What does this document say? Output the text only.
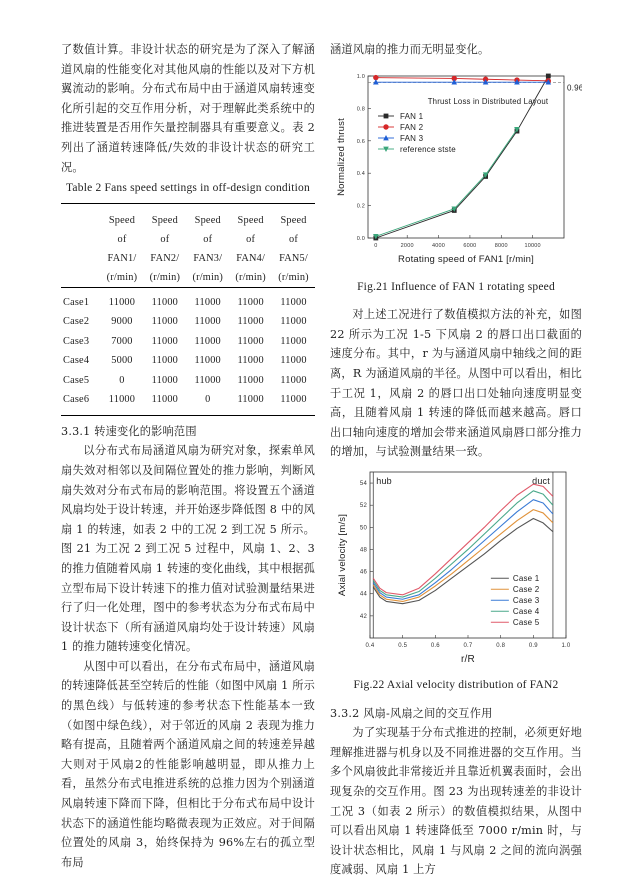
了数值计算。非设计状态的研究是为了深入了解涵道风扇的性能变化对其他风扇的性能以及对下方机翼流动的影响。分布式布局中由于涵道风扇转速变化所引起的交互作用分析，对于理解此类系统中的推进装置是否用作矢量控制器具有重要意义。表 2 列出了涵道转速降低/失效的非设计状态的研究工况。

Table 2 Fans speed settings in off-design condition
	Speed	Speed	Speed	Speed	Speed
	of	of	of	of	of
	FAN1/	FAN2/	FAN3/	FAN4/	FAN5/
	(r/min)	(r/min)	(r/min)	(r/min)	(r/min)
Case1	11000	11000	11000	11000	11000
Case2	9000	11000	11000	11000	11000
Case3	7000	11000	11000	11000	11000
Case4	5000	11000	11000	11000	11000
Case5	0	11000	11000	11000	11000
Case6	11000	11000	0	11000	11000
3.3.1 转速变化的影响范围

以分布式布局涵道风扇为研究对象，探索单风扇失效对相邻以及间隔位置处的推力影响，判断风扇失效对分布式布局的影响范围。将设置五个涵道风扇均处于设计转速，并开始逐步降低图 8 中的风扇 1 的转速，如表 2 中的工况 2 到工况 5 所示。图 21 为工况 2 到工况 5 过程中，风扇 1、2、3 的推力值随着风扇 1 转速的变化曲线，其中根据孤立型布局下设计转速下的推力值对试验测量结果进行了归一化处理，图中的参考状态为分布式布局中设计状态下（所有涵道风扇均处于设计转速）风扇 1 的推力随转速变化情况。

从图中可以看出，在分布式布局中，涵道风扇的转速降低甚至空转后的性能（如图中风扇 1 所示的黑色线）与低转速的参考状态下性能基本一致（如图中绿色线），对于邻近的风扇 2 表现为推力略有提高，且随着两个涵道风扇之间的转速差异越大则对于风扇2的性能影响越明显，即从推力上看，虽然分布式电推进系统的总推力因为个别涵道风扇转速下降而下降，但相比于分布式布局中设计状态下的涵道性能均略微表现为正效应。对于间隔位置处的风扇 3，始终保持为 96%左右的孤立型布局

涵道风扇的推力而无明显变化。

0	2000	4000	6000	8000	10000
0.0
0.2
0.4
0.6
0.8
1.0
Rotating speed of FAN1 [r/min]
Normalized thrust
0.96
Thrust Loss in Distributed Layout
FAN 1
FAN 2
FAN 3
reference stste
Fig.21 Influence of FAN 1 rotating speed

对上述工况进行了数值模拟方法的补充，如图 22 所示为工况 1-5 下风扇 2 的唇口出口截面的速度分布。其中，r 为与涵道风扇中轴线之间的距离，R 为涵道风扇的半径。从图中可以看出，相比于工况 1，风扇 2 的唇口出口处轴向速度明显变高，且随着风扇 1 转速的降低而越来越高。唇口出口轴向速度的增加会带来涵道风扇唇口部分推力的增加，与试验测量结果一致。

0.4	0.5	0.6	0.7	0.8	0.9	1.0
42
44
46
48
50
52
54
r/R
Axial velocity [m/s]
hub	duct
Case 1
Case 2
Case 3
Case 4
Case 5
Fig.22 Axial velocity distribution of FAN2
3.3.2 风扇-风扇之间的交互作用

为了实现基于分布式推进的控制，必须更好地理解推进器与机身以及不同推进器的交互作用。当多个风扇彼此非常接近并且靠近机翼表面时，会出现复杂的交互作用。图 23 为出现转速差的非设计工况 3（如表 2 所示）的数值模拟结果，从图中可以看出风扇 1 转速降低至 7000 r/min 时，与设计状态相比，风扇 1 与风扇 2 之间的流向涡强度减弱、风扇 1 上方
